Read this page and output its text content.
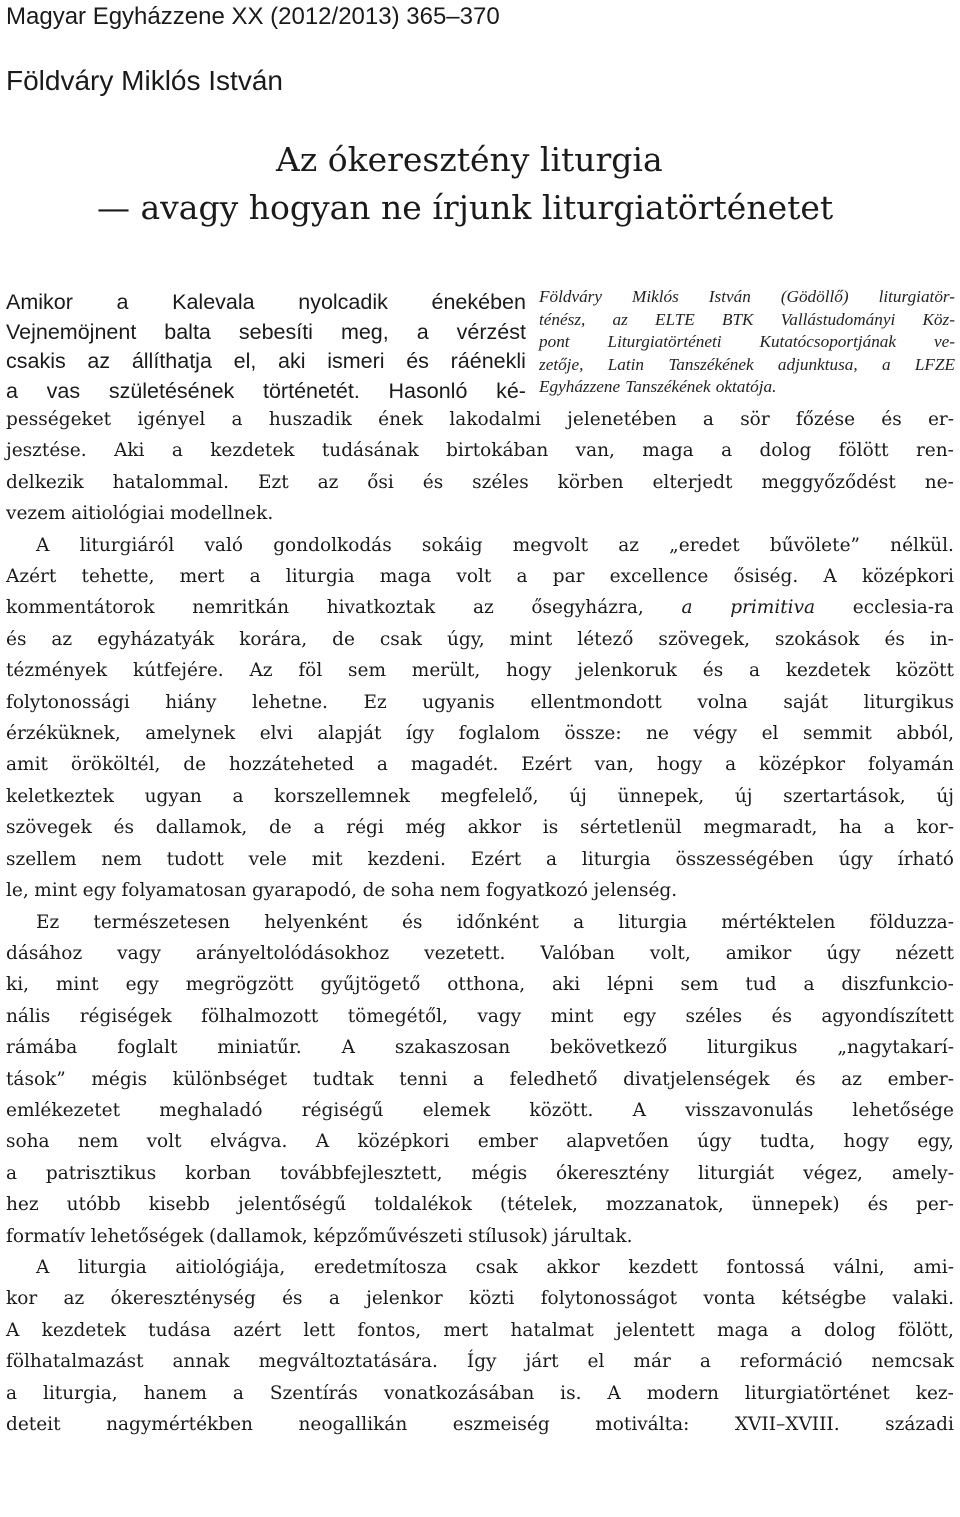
Magyar Egyházzene XX (2012/2013) 365–370
Földváry Miklós István
Az ókeresztény liturgia
— avagy hogyan ne írjunk liturgiatörténetet
Amikor a Kalevala nyolcadik énekében
Vejnemöjnent balta sebesíti meg, a vérzést
csakis az állíthatja el, aki ismeri és ráénekli
a vas születésének történetét. Hasonló ké-
Földváry Miklós István (Gödöllő) liturgiatör-
ténész, az ELTE BTK Vallástudományi Köz-
pont Liturgiatörténeti Kutatócsoportjának ve-
zetője, Latin Tanszékének adjunktusa, a LFZE
Egyházzene Tanszékének oktatója.
pességeket igényel a huszadik ének lakodalmi jelenetében a sör főzése és er-
jesztése. Aki a kezdetek tudásának birtokában van, maga a dolog fölött ren-
delkezik hatalommal. Ezt az ősi és széles körben elterjedt meggyőződést ne-
vezem aitiológiai modellnek.
A liturgiáról való gondolkodás sokáig megvolt az „eredet bűvölete” nélkül.
Azért tehette, mert a liturgia maga volt a par excellence ősiség. A középkori
kommentátorok nemritkán hivatkoztak az ősegyházra, a primitiva ecclesia-ra
és az egyházatyák korára, de csak úgy, mint létező szövegek, szokások és in-
tézmények kútfejére. Az föl sem merült, hogy jelenkoruk és a kezdetek között
folytonossági hiány lehetne. Ez ugyanis ellentmondott volna saját liturgikus
érzéküknek, amelynek elvi alapját így foglalom össze: ne végy el semmit abból,
amit örököltél, de hozzáteheted a magadét. Ezért van, hogy a középkor folyamán
keletkeztek ugyan a korszellemnek megfelelő, új ünnepek, új szertartások, új
szövegek és dallamok, de a régi még akkor is sértetlenül megmaradt, ha a kor-
szellem nem tudott vele mit kezdeni. Ezért a liturgia összességében úgy írható
le, mint egy folyamatosan gyarapodó, de soha nem fogyatkozó jelenség.
Ez természetesen helyenként és időnként a liturgia mértéktelen földuzza-
dásához vagy arányeltolódásokhoz vezetett. Valóban volt, amikor úgy nézett
ki, mint egy megrögzött gyűjtögető otthona, aki lépni sem tud a diszfunkcio-
nális régiségek fölhalmozott tömegétől, vagy mint egy széles és agyondíszített
rámába foglalt miniatűr. A szakaszosan bekövetkező liturgikus „nagytakarí-
tások” mégis különbséget tudtak tenni a feledhető divatjelenségek és az ember-
emlékezetet meghaladó régiségű elemek között. A visszavonulás lehetősége
soha nem volt elvágva. A középkori ember alapvetően úgy tudta, hogy egy,
a patrisztikus korban továbbfejlesztett, mégis ókeresztény liturgiát végez, amely-
hez utóbb kisebb jelentőségű toldalékok (tételek, mozzanatok, ünnepek) és per-
formatív lehetőségek (dallamok, képzőművészeti stílusok) járultak.
A liturgia aitiológiája, eredetmítosza csak akkor kezdett fontossá válni, ami-
kor az ókereszténység és a jelenkor közti folytonosságot vonta kétségbe valaki.
A kezdetek tudása azért lett fontos, mert hatalmat jelentett maga a dolog fölött,
fölhatalmazást annak megváltoztatására. Így járt el már a reformáció nemcsak
a liturgia, hanem a Szentírás vonatkozásában is. A modern liturgiatörténet kez-
deteit nagymértékben neogallikán eszmeiség motiválta: XVII–XVIII. századi
